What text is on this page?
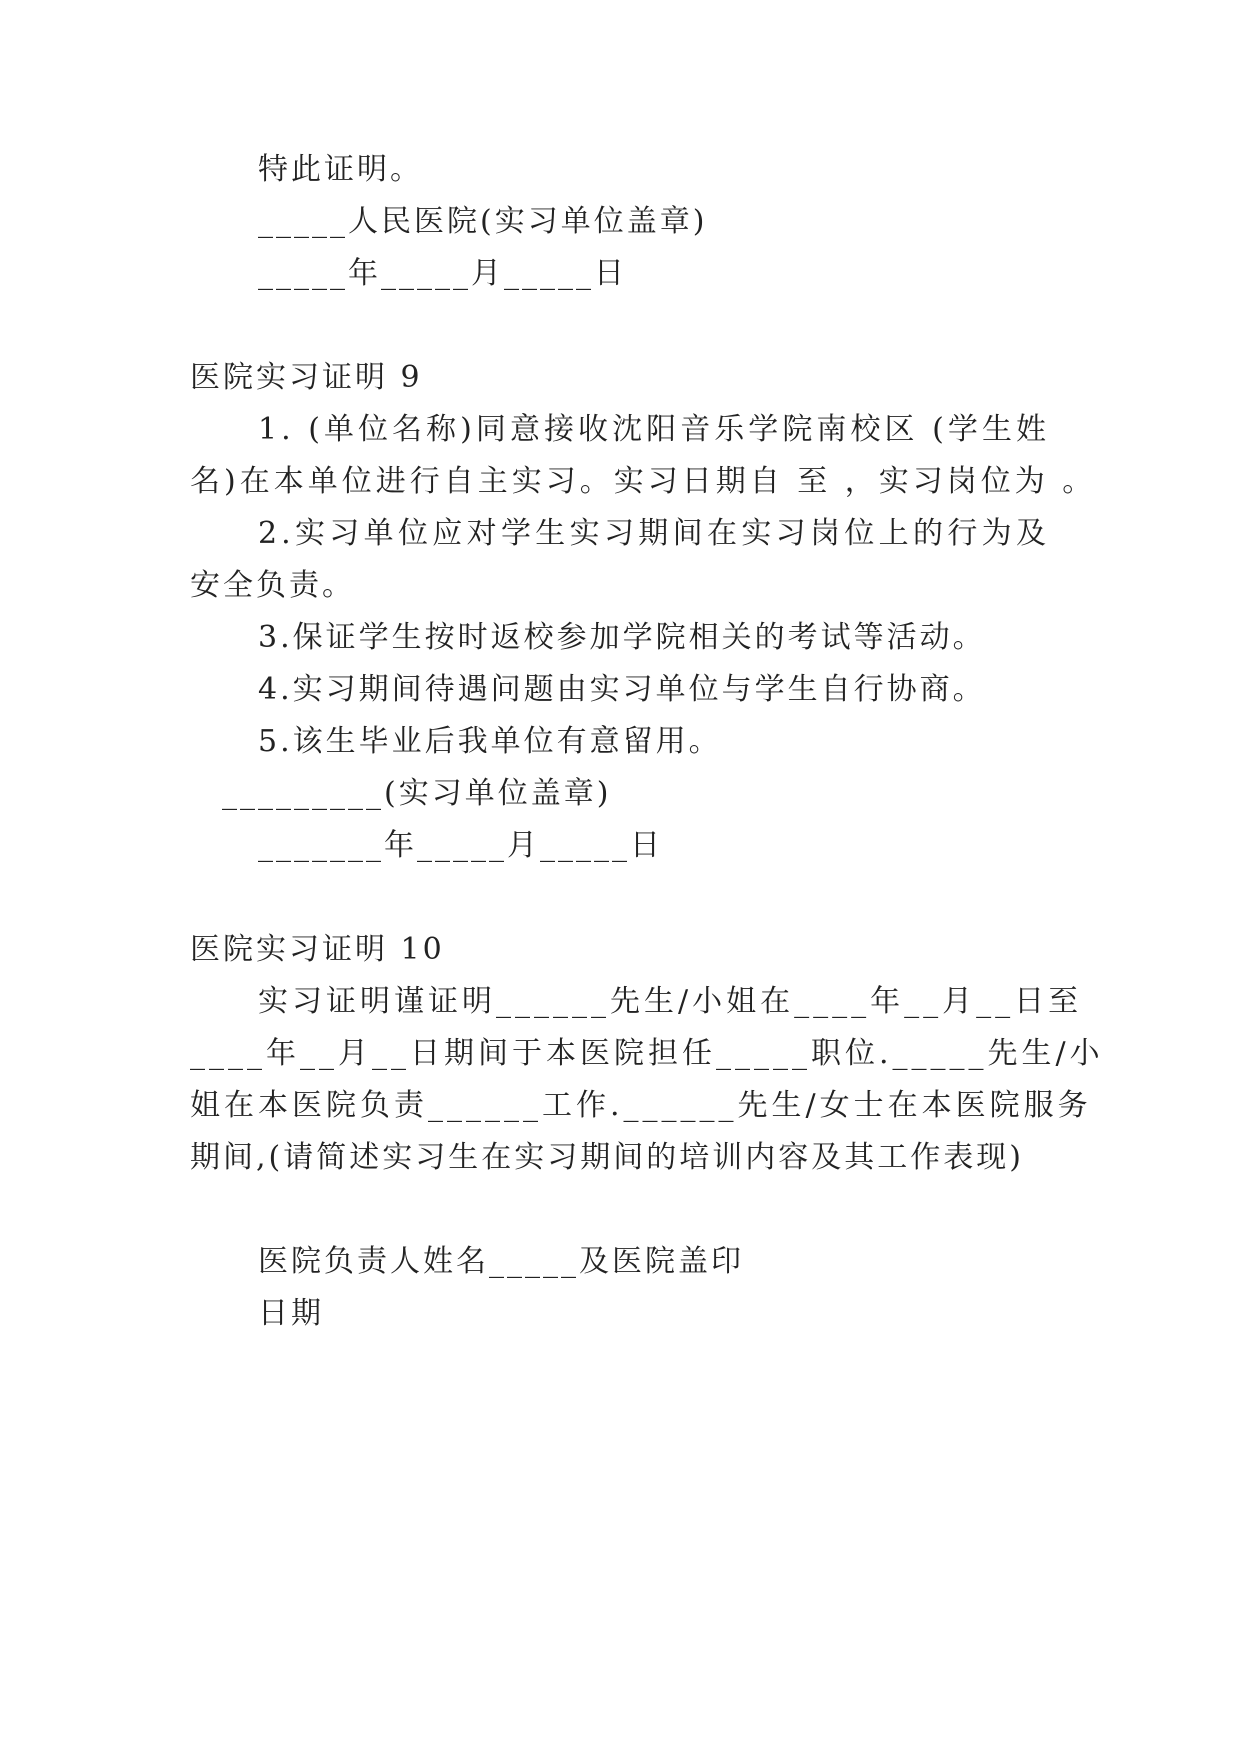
特此证明。
_____人民医院(实习单位盖章)
_____年_____月_____日
医院实习证明 9
1. (单位名称)同意接收沈阳音乐学院南校区 (学生姓
名)在本单位进行自主实习。实习日期自 至 ，实习岗位为 。
2.实习单位应对学生实习期间在实习岗位上的行为及
安全负责。
3.保证学生按时返校参加学院相关的考试等活动。
4.实习期间待遇问题由实习单位与学生自行协商。
5.该生毕业后我单位有意留用。
_________(实习单位盖章)
_______年_____月_____日
医院实习证明 10
实习证明谨证明______先生/小姐在____年__月__日至
____年__月__日期间于本医院担任_____职位._____先生/小
姐在本医院负责______工作.______先生/女士在本医院服务
期间,(请简述实习生在实习期间的培训内容及其工作表现)
医院负责人姓名_____及医院盖印
日期
